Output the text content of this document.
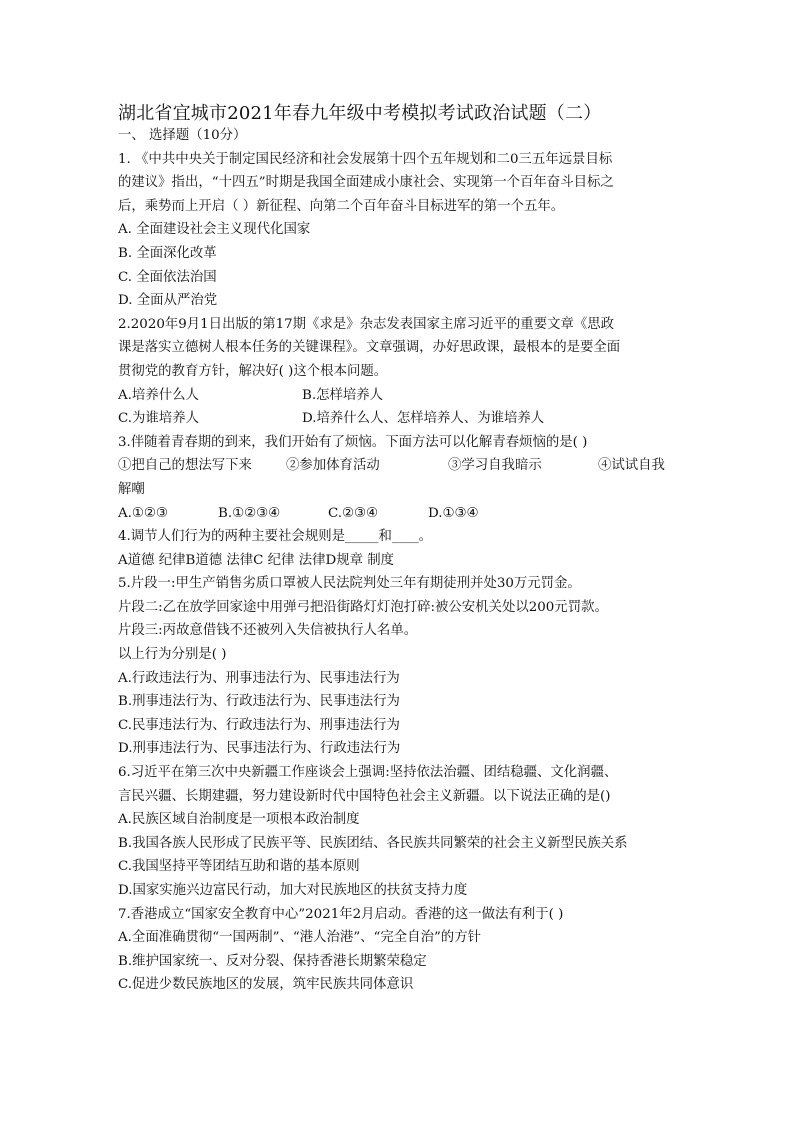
湖北省宜城市2021年春九年级中考模拟考试政治试题（二）
一、 选择题（10分）
1. 《中共中央关于制定国民经济和社会发展第十四个五年规划和二0三五年远景目标
的建议》指出，“十四五”时期是我国全面建成小康社会、实现第一个百年奋斗目标之
后，乘势而上开启（ ）新征程、向第二个百年奋斗目标进军的第一个五年。
A. 全面建设社会主义现代化国家
B. 全面深化改革
C. 全面依法治国
D. 全面从严治党
2.2020年9月1日出版的第17期《求是》杂志发表国家主席习近平的重要文章《思政
课是落实立德树人根本任务的关键课程》。文章强调，办好思政课，最根本的是要全面
贯彻党的教育方针，解决好( )这个根本问题。
A.培养什么人	B.怎样培养人
C.为谁培养人	D.培养什么人、怎样培养人、为谁培养人
3.伴随着青春期的到来，我们开始有了烦恼。下面方法可以化解青春烦恼的是( )
①把自己的想法写下来	②参加体育活动	③学习自我暗示	④试试自我
解嘲
A.①②③	B.①②③④	C.②③④	D.①③④
4.调节人们行为的两种主要社会规则是_____和____。
A道德 纪律B道德 法律C 纪律 法律D规章 制度
5.片段一:甲生产销售劣质口罩被人民法院判处三年有期徒刑并处30万元罚金。
片段二:乙在放学回家途中用弹弓把沿街路灯灯泡打碎:被公安机关处以200元罚款。
片段三:丙故意借钱不还被列入失信被执行人名单。
以上行为分别是( )
A.行政违法行为、刑事违法行为、民事违法行为
B.刑事违法行为、行政违法行为、民事违法行为
C.民事违法行为、行政违法行为、刑事违法行为
D.刑事违法行为、民事违法行为、行政违法行为
6.习近平在第三次中央新疆工作座谈会上强调:坚持依法治疆、团结稳疆、文化润疆、
言民兴疆、长期建疆，努力建设新时代中国特色社会主义新疆。以下说法正确的是()
A.民族区域自治制度是一项根本政治制度
B.我国各族人民形成了民族平等、民族团结、各民族共同繁荣的社会主义新型民族关系
C.我国坚持平等团结互助和谐的基本原则
D.国家实施兴边富民行动，加大对民族地区的扶贫支持力度
7.香港成立“国家安全教育中心”2021年2月启动。香港的这一做法有利于( )
A.全面准确贯彻“一国两制”、“港人治港”、“完全自治”的方针
B.维护国家统一、反对分裂、保持香港长期繁荣稳定
C.促进少数民族地区的发展，筑牢民族共同体意识
